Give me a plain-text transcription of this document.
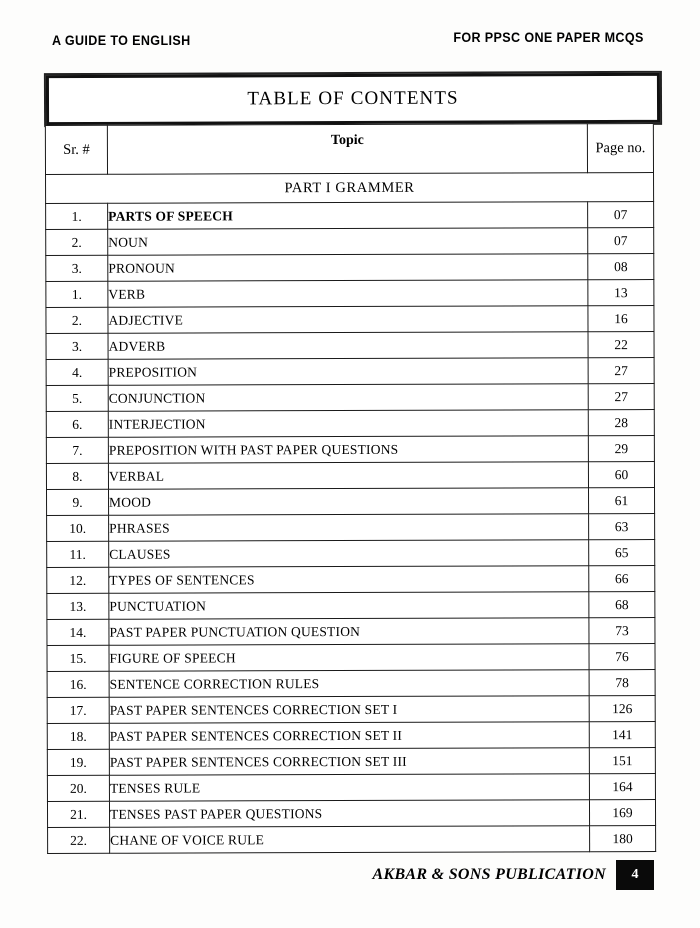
A GUIDE TO ENGLISH	FOR PPSC ONE PAPER MCQS
TABLE OF CONTENTS
Sr. #	Topic	Page no.
PART I GRAMMER		
1.	PARTS OF SPEECH	07
2.	NOUN	07
3.	PRONOUN	08
1.	VERB	13
2.	ADJECTIVE	16
3.	ADVERB	22
4.	PREPOSITION	27
5.	CONJUNCTION	27
6.	INTERJECTION	28
7.	PREPOSITION WITH PAST PAPER QUESTIONS	29
8.	VERBAL	60
9.	MOOD	61
10.	PHRASES	63
11.	CLAUSES	65
12.	TYPES OF SENTENCES	66
13.	PUNCTUATION	68
14.	PAST PAPER PUNCTUATION QUESTION	73
15.	FIGURE OF SPEECH	76
16.	SENTENCE CORRECTION RULES	78
17.	PAST PAPER SENTENCES CORRECTION SET I	126
18.	PAST PAPER SENTENCES CORRECTION SET II	141
19.	PAST PAPER SENTENCES CORRECTION SET III	151
20.	TENSES RULE	164
21.	TENSES PAST PAPER QUESTIONS	169
22.	CHANE OF VOICE RULE	180
AKBAR & SONS PUBLICATION	4
